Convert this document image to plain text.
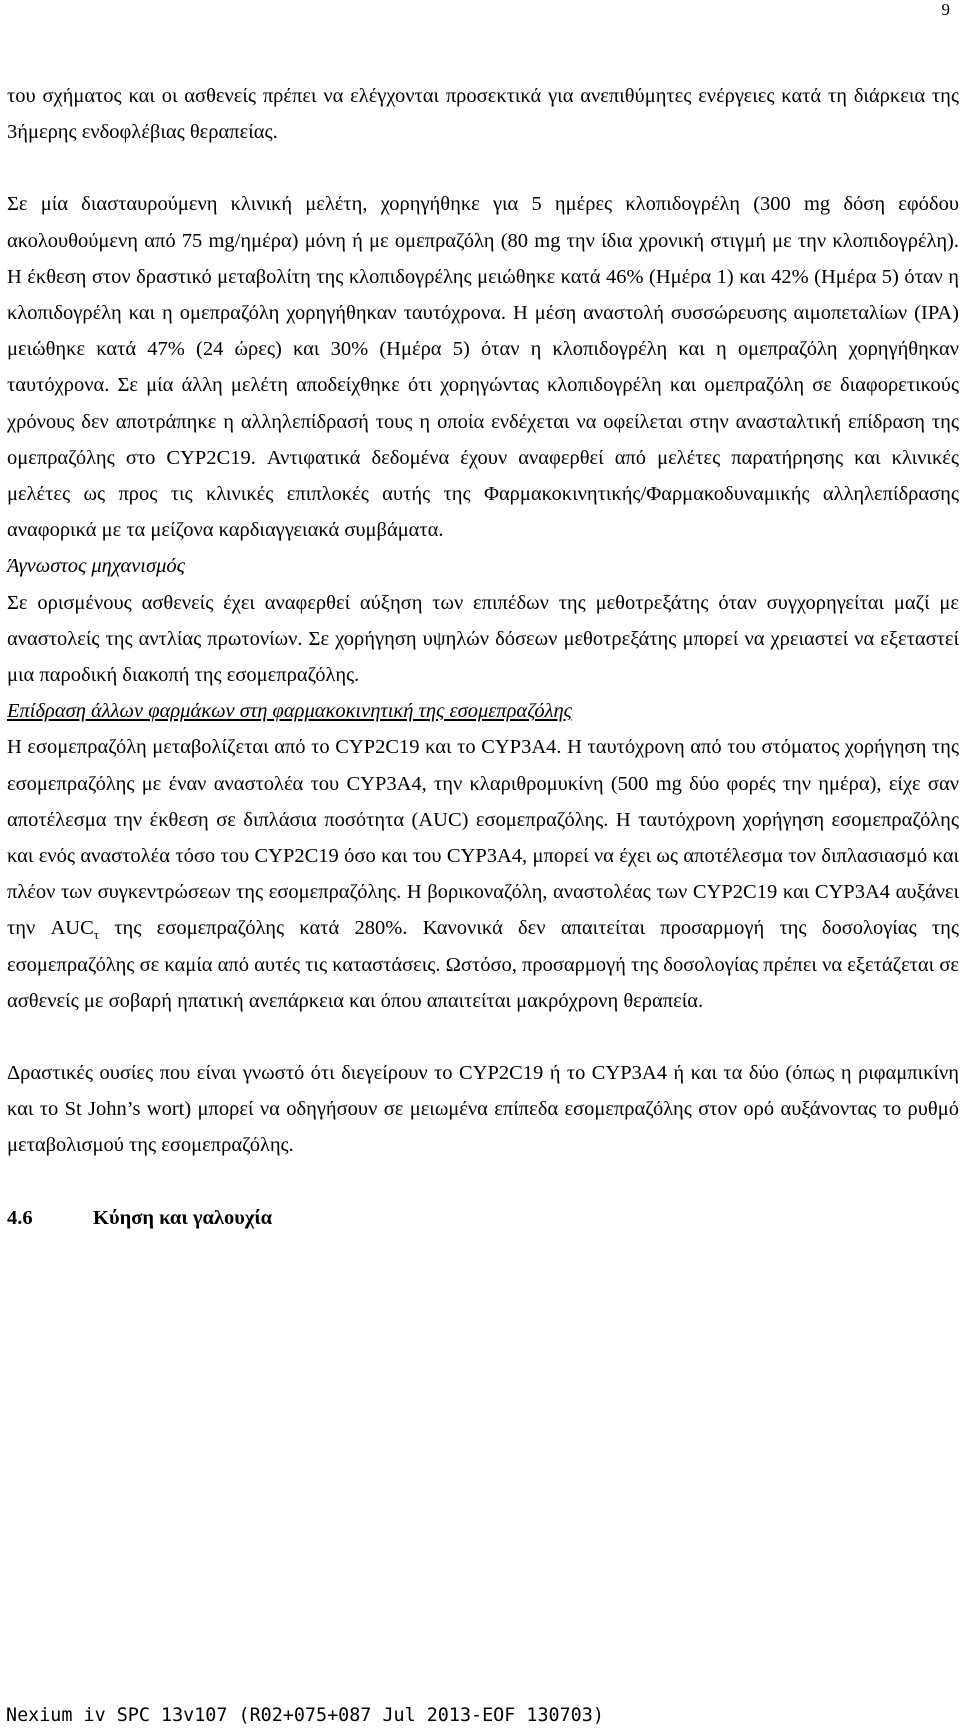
9

του σχήματος και οι ασθενείς πρέπει να ελέγχονται προσεκτικά για ανεπιθύμητες ενέργειες κατά τη διάρκεια της 3ήμερης ενδοφλέβιας θεραπείας.

Σε μία διασταυρούμενη κλινική μελέτη, χορηγήθηκε για 5 ημέρες κλοπιδογρέλη (300 mg δόση εφόδου ακολουθούμενη από 75 mg/ημέρα) μόνη ή με ομεπραζόλη (80 mg την ίδια χρονική στιγμή με την κλοπιδογρέλη). Η έκθεση στον δραστικό μεταβολίτη της κλοπιδογρέλης μειώθηκε κατά 46% (Ημέρα 1) και 42% (Ημέρα 5) όταν η κλοπιδογρέλη και η ομεπραζόλη χορηγήθηκαν ταυτόχρονα. Η μέση αναστολή συσσώρευσης αιμοπεταλίων (IPA) μειώθηκε κατά 47% (24 ώρες) και 30% (Ημέρα 5) όταν η κλοπιδογρέλη και η ομεπραζόλη χορηγήθηκαν ταυτόχρονα. Σε μία άλλη μελέτη αποδείχθηκε ότι χορηγώντας κλοπιδογρέλη και ομεπραζόλη σε διαφορετικούς χρόνους δεν αποτράπηκε η αλληλεπίδρασή τους η οποία ενδέχεται να οφείλεται στην ανασταλτική επίδραση της ομεπραζόλης στο CYP2C19. Αντιφατικά δεδομένα έχουν αναφερθεί από μελέτες παρατήρησης και κλινικές μελέτες ως προς τις κλινικές επιπλοκές αυτής της Φαρμακοκινητικής/Φαρμακοδυναμικής αλληλεπίδρασης αναφορικά με τα μείζονα καρδιαγγειακά συμβάματα.

Άγνωστος μηχανισμός

Σε ορισμένους ασθενείς έχει αναφερθεί αύξηση των επιπέδων της μεθοτρεξάτης όταν συγχορηγείται μαζί με αναστολείς της αντλίας πρωτονίων. Σε χορήγηση υψηλών δόσεων μεθοτρεξάτης μπορεί να χρειαστεί να εξεταστεί μια παροδική διακοπή της εσομεπραζόλης.

Επίδραση άλλων φαρμάκων στη φαρμακοκινητική της εσομεπραζόλης

Η εσομεπραζόλη μεταβολίζεται από το CYP2C19 και το CYP3A4. Η ταυτόχρονη από του στόματος χορήγηση της εσομεπραζόλης με έναν αναστολέα του CYP3A4, την κλαριθρομυκίνη (500 mg δύο φορές την ημέρα), είχε σαν αποτέλεσμα την έκθεση σε διπλάσια ποσότητα (AUC) εσομεπραζόλης. Η ταυτόχρονη χορήγηση εσομεπραζόλης και ενός αναστολέα τόσο του CYP2C19 όσο και του CYP3A4, μπορεί να έχει ως αποτέλεσμα τον διπλασιασμό και πλέον των συγκεντρώσεων της εσομεπραζόλης. Η βορικοναζόλη, αναστολέας των CYP2C19 και CYP3A4 αυξάνει την $AUC_\tau$ της εσομεπραζόλης κατά 280%. Κανονικά δεν απαιτείται προσαρμογή της δοσολογίας της εσομεπραζόλης σε καμία από αυτές τις καταστάσεις. Ωστόσο, προσαρμογή της δοσολογίας πρέπει να εξετάζεται σε ασθενείς με σοβαρή ηπατική ανεπάρκεια και όπου απαιτείται μακρόχρονη θεραπεία.

Δραστικές ουσίες που είναι γνωστό ότι διεγείρουν το CYP2C19 ή το CYP3A4 ή και τα δύο (όπως η ριφαμπικίνη και το St John’s wort) μπορεί να οδηγήσουν σε μειωμένα επίπεδα εσομεπραζόλης στον ορό αυξάνοντας το ρυθμό μεταβολισμού της εσομεπραζόλης.

4.6	Κύηση και γαλουχία
Nexium iv SPC 13v107 (R02+075+087 Jul 2013-EOF 130703)
